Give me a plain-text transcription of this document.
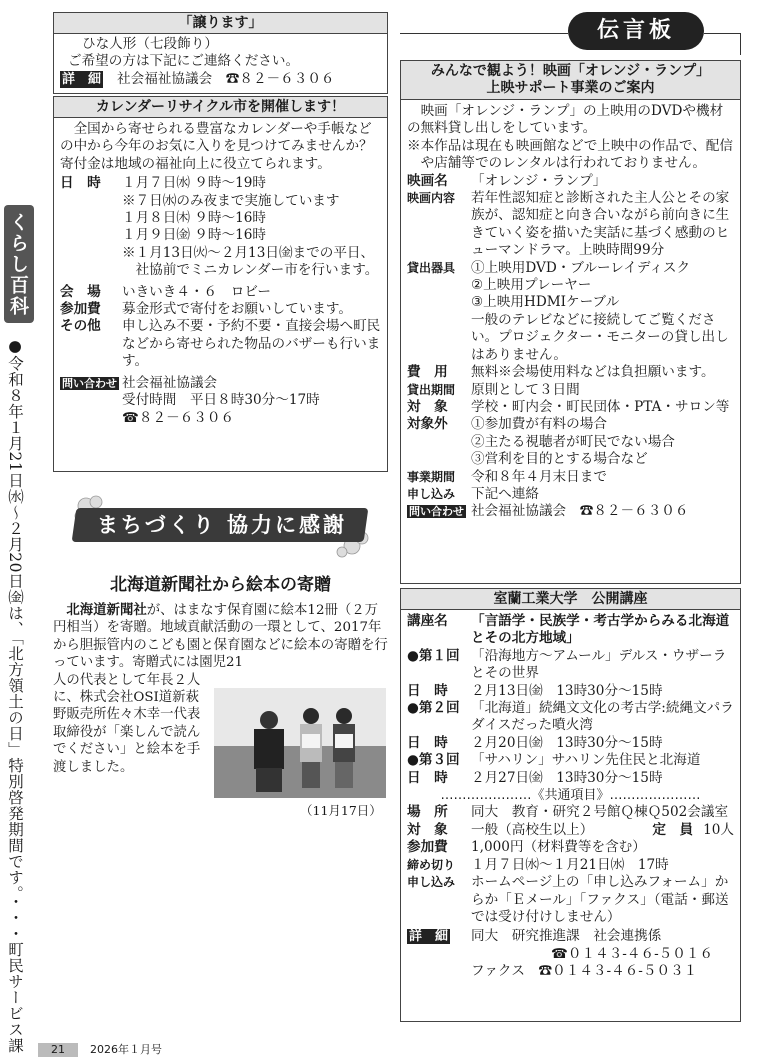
くらし百科
●令和８年１月21日㈬〜２月20日㈮は、「北方領土の日」特別啓発期間です。・・・町民サービス課	21	2026年１月号
「譲ります」

ひな人形（七段飾り）

ご希望の方は下記にご連絡ください。

詳　細 社会福祉協議会　☎８２－６３０６
カレンダーリサイクル市を開催します！

全国から寄せられる豊富なカレンダーや手帳などの中から今年のお気に入りを見つけてみませんか？寄付金は地域の福祉向上に役立てられます。

日　時	１月７日㈬ ９時〜19時

※７日㈬のみ夜まで実施しています

１月８日㈭ ９時〜16時

１月９日㈮ ９時〜16時

※１月13日㈫〜２月13日㈮までの平日、社協前でミニカレンダー市を行います。

会　場	いきいき４・６　ロビー
参加費	募金形式で寄付をお願いしています。
その他	申し込み不要・予約不要・直接会場へ町民などから寄せられた物品のバザーも行います。
問い合わせ 社会福祉協議会

受付時間　平日８時30分〜17時

☎８２－６３０６

まちづくり 協力に感謝
北海道新聞社から絵本の寄贈

北海道新聞社が、はまなす保育園に絵本12冊（２万円相当）を寄贈。地域貢献活動の一環として、2017年から胆振管内のこども園と保育園などに絵本の寄贈を行っています。寄贈式には園児21

人の代表として年長２人に、株式会社OSI道新萩野販売所佐々木幸一代表取締役が「楽しんで読んでください」と絵本を手渡しました。

（11月17日）
伝言板
みんなで観よう！映画「オレンジ・ランプ」
上映サポート事業のご案内

映画「オレンジ・ランプ」の上映用のDVDや機材の無料貸し出しをしています。

※本作品は現在も映画館などで上映中の作品で、配信や店舗等でのレンタルは行われておりません。

映画名	「オレンジ・ランプ」
映画内容	若年性認知症と診断された主人公とその家族が、認知症と向き合いながら前向きに生きていく姿を描いた実話に基づく感動のヒューマンドラマ。上映時間99分
貸出器具	①上映用DVD・ブルーレイディスク
②上映用プレーヤー
③上映用HDMIケーブル
一般のテレビなどに接続してご覧ください。プロジェクター・モニターの貸し出しはありません。
費　用	無料※会場使用料などは負担願います。
貸出期間	原則として３日間
対　象	学校・町内会・町民団体・PTA・サロン等
対象外	①参加費が有料の場合
②主たる視聴者が町民でない場合
③営利を目的とする場合など
事業期間	令和８年４月末日まで
申し込み	下記へ連絡
問い合わせ 社会福祉協議会　☎８２－６３０６
室蘭工業大学　公開講座
講座名	「言語学・民族学・考古学からみる北海道とその北方地域」
●第１回 「沿海地方〜アムール」デルス・ウザーラとその世界
日　時	２月13日㈮　13時30分〜15時
●第２回 「北海道」続縄文文化の考古学:続縄文パラダイスだった噴火湾
日　時	２月20日㈮　13時30分〜15時
●第３回 「サハリン」サハリン先住民と北海道
日　時	２月27日㈮　13時30分〜15時
…………………《共通項目》…………………
場　所	同大　教育・研究２号館Ｑ棟Ｑ502会議室
対　象	一般（高校生以上）	定　員 10人
参加費	1,000円（材料費等を含む）
締め切り	１月７日㈬〜１月21日㈬　17時
申し込み	ホームページ上の「申し込みフォーム」からか「Ｅメール」「ファクス」（電話・郵送では受け付けしません）
詳　細	同大　研究推進課　社会連携係

☎０１４３-４６-５０１６

ファクス　☎０１４３-４６-５０３１
